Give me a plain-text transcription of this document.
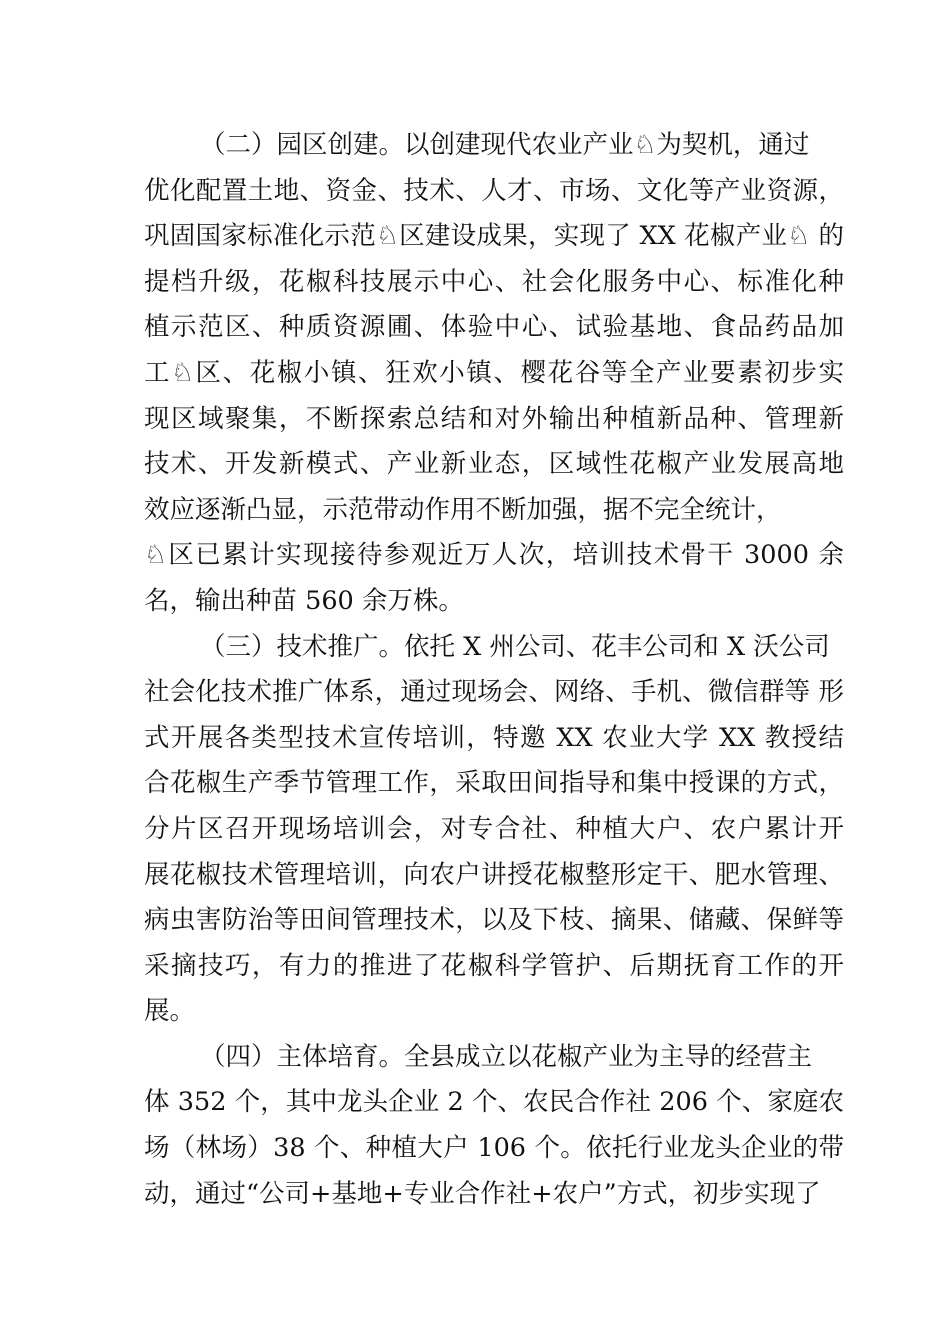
（二）园区创建。以创建现代农业产业♘为契机，通过
优化配置土地、资金、技术、人才、市场、文化等产业资源，
巩固国家标准化示范♘区建设成果，实现了 XX 花椒产业♘ 的
提档升级，花椒科技展示中心、社会化服务中心、标准化种
植示范区、种质资源圃、体验中心、试验基地、食品药品加
工♘区、花椒小镇、狂欢小镇、樱花谷等全产业要素初步实
现区域聚集，不断探索总结和对外输出种植新品种、管理新
技术、开发新模式、产业新业态，区域性花椒产业发展高地
效应逐渐凸显，示范带动作用不断加强，据不完全统计，
♘区已累计实现接待参观近万人次，培训技术骨干 3000 余
名，输出种苗 560 余万株。
（三）技术推广。依托 X 州公司、花丰公司和 X 沃公司
社会化技术推广体系，通过现场会、网络、手机、微信群等 形
式开展各类型技术宣传培训，特邀 XX 农业大学 XX 教授结
合花椒生产季节管理工作，采取田间指导和集中授课的方式，
分片区召开现场培训会，对专合社、种植大户、农户累计开
展花椒技术管理培训，向农户讲授花椒整形定干、肥水管理、
病虫害防治等田间管理技术，以及下枝、摘果、储藏、保鲜等
采摘技巧，有力的推进了花椒科学管护、后期抚育工作的开
展。
（四）主体培育。全县成立以花椒产业为主导的经营主
体 352 个，其中龙头企业 2 个、农民合作社 206 个、家庭农
场（林场）38 个、种植大户 106 个。依托行业龙头企业的带
动，通过“公司+基地+专业合作社+农户”方式，初步实现了
